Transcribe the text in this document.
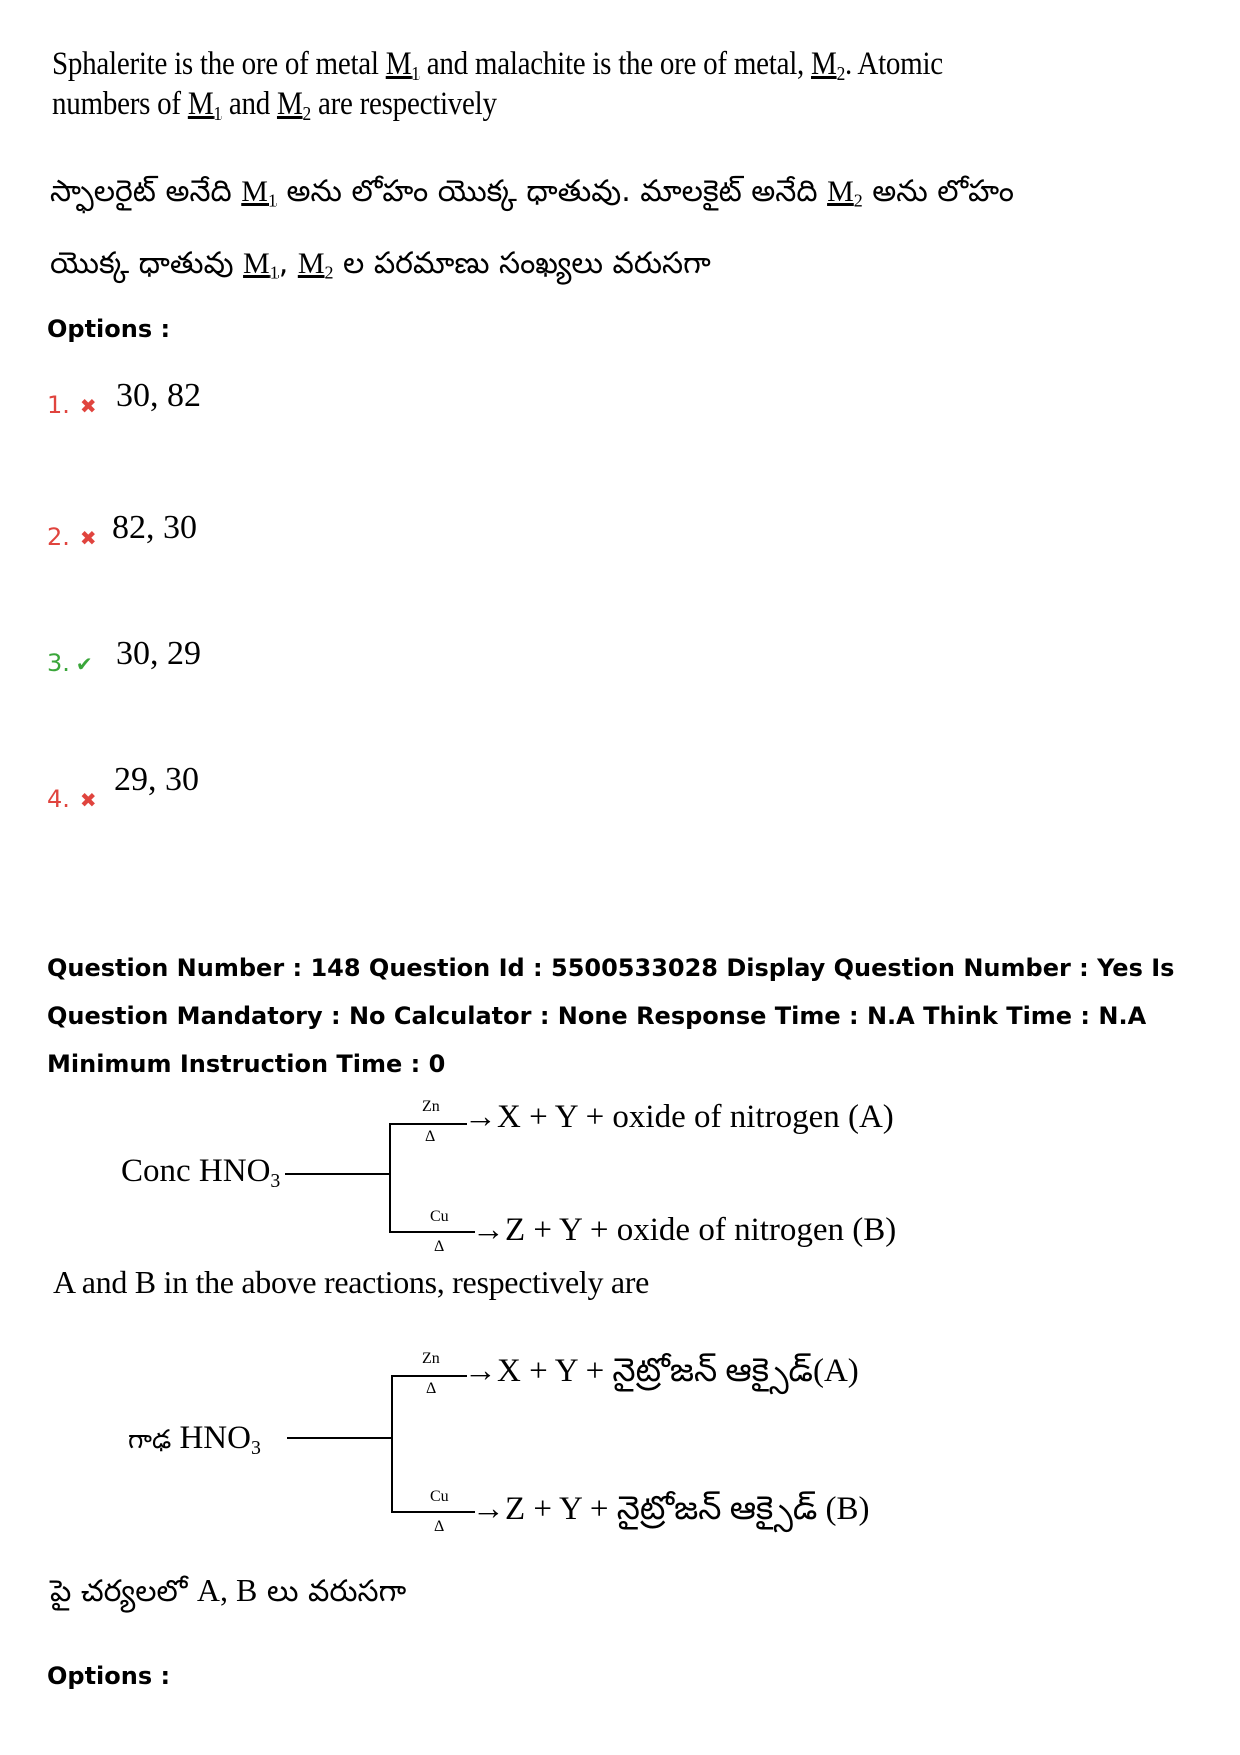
Sphalerite is the ore of metal $M_1$ and malachite is the ore of metal, $M_2$. Atomic
numbers of $M_1$ and $M_2$ are respectively
స్ఫాలరైట్ అనేది $M_1$ అను లోహం యొక్క ధాతువు. మాలకైట్ అనేది $M_2$ అను లోహం
యొక్క ధాతువు $M_1$, $M_2$ ల పరమాణు సంఖ్యలు వరుసగా
Options :
1. ✖ 30, 82
2. ✖ 82, 30
3. ✔ 30, 29
4. ✖
29, 30
Question Number : 148 Question Id : 5500533028 Display Question Number : Yes Is Question Mandatory : No Calculator : None Response Time : N.A Think Time : N.A Minimum Instruction Time : 0
Conc $HNO_3$
Zn
Δ
→X + Y + oxide of nitrogen (A)
Cu
Δ →Z + Y + oxide of nitrogen (B)
A and B in the above reactions, respectively are
గాఢ $HNO_3$
Zn
Δ →X + Y + నైట్రోజన్ ఆక్సైడ్(A)
Cu
Δ →Z + Y + నైట్రోజన్ ఆక్సైడ్ (B)
పై చర్యలలో A, B లు వరుసగా
Options :
